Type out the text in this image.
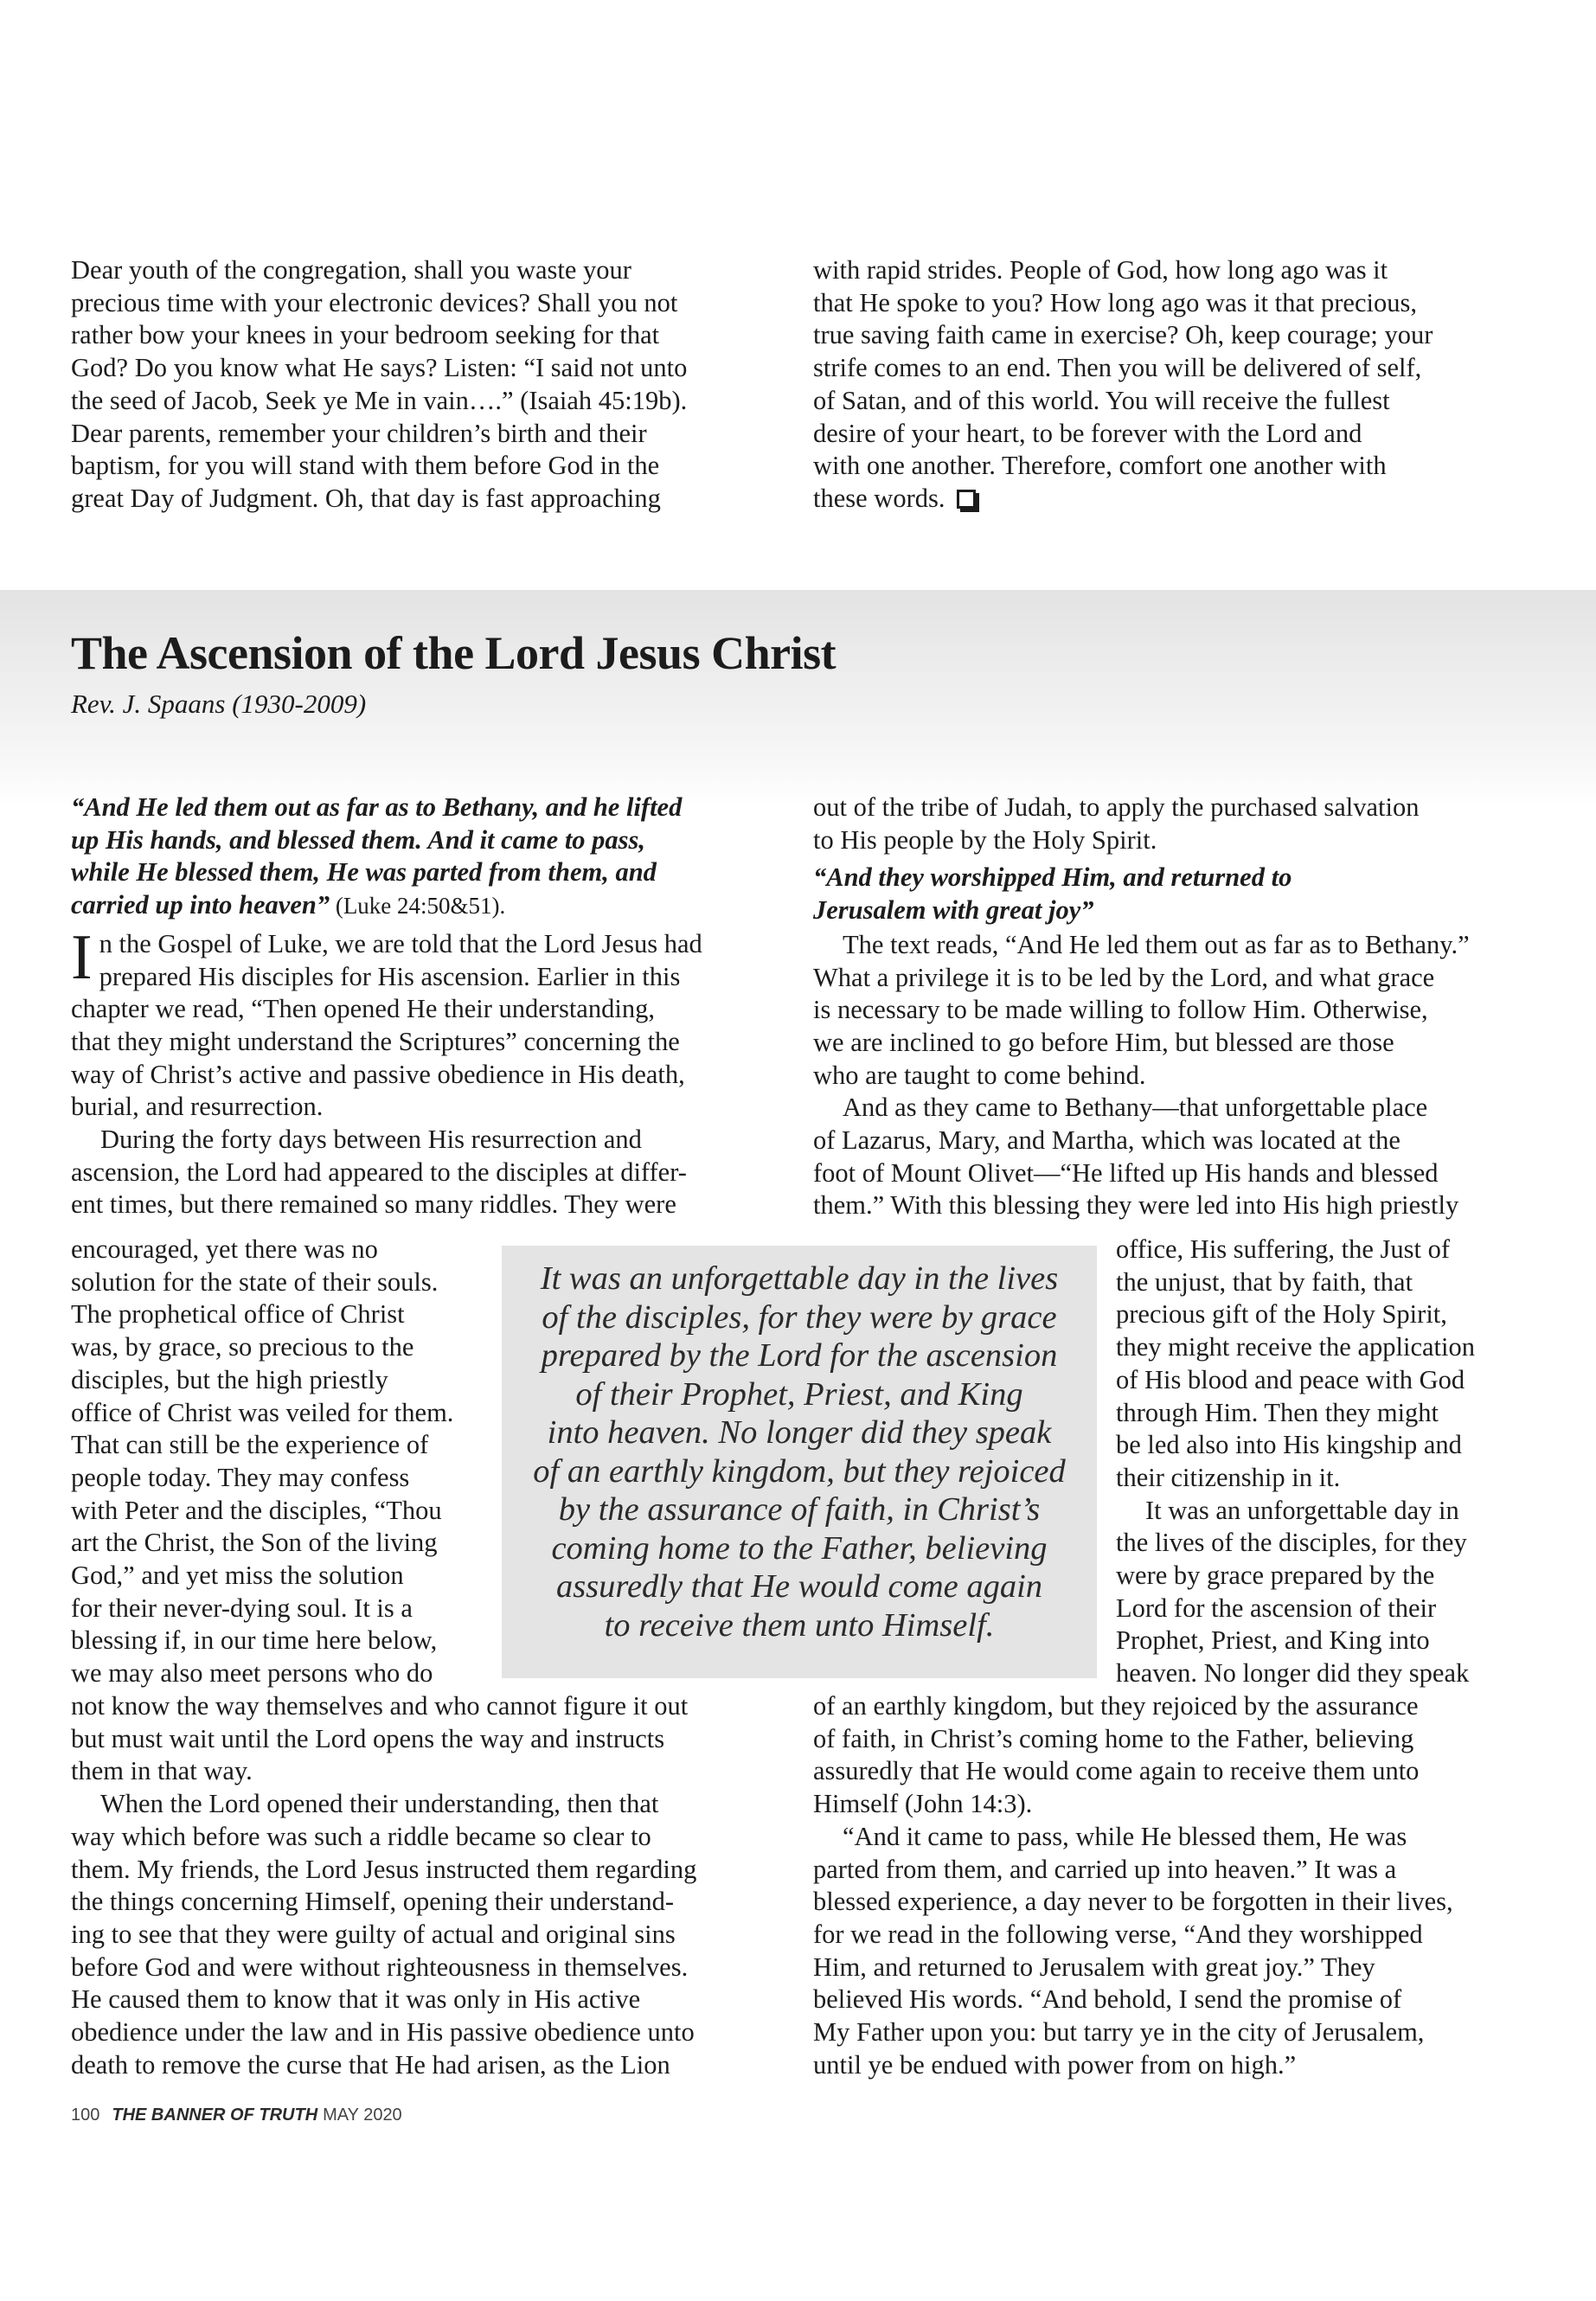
Dear youth of the congregation, shall you waste your
precious time with your electronic devices? Shall you not
rather bow your knees in your bedroom seeking for that
God? Do you know what He says? Listen: “I said not unto
the seed of Jacob, Seek ye Me in vain….” (Isaiah 45:19b).
Dear parents, remember your children’s birth and their
baptism, for you will stand with them before God in the
great Day of Judgment. Oh, that day is fast approaching
with rapid strides. People of God, how long ago was it
that He spoke to you? How long ago was it that precious,
true saving faith came in exercise? Oh, keep courage; your
strife comes to an end. Then you will be delivered of self,
of Satan, and of this world. You will receive the fullest
desire of your heart, to be forever with the Lord and
with one another. Therefore, comfort one another with
these words.
The Ascension of the Lord Jesus Christ
Rev. J. Spaans (1930-2009)
“And He led them out as far as to Bethany, and he lifted
up His hands, and blessed them. And it came to pass,
while He blessed them, He was parted from them, and
carried up into heaven” (Luke 24:50&51).
I n the Gospel of Luke, we are told that the Lord Jesus had
prepared His disciples for His ascension. Earlier in this
chapter we read, “Then opened He their understanding,
that they might understand the Scriptures” concerning the
way of Christ’s active and passive obedience in His death,
burial, and resurrection.
During the forty days between His resurrection and
ascension, the Lord had appeared to the disciples at differ-
ent times, but there remained so many riddles. They were
encouraged, yet there was no
solution for the state of their souls.
The prophetical office of Christ
was, by grace, so precious to the
disciples, but the high priestly
office of Christ was veiled for them.
That can still be the experience of
people today. They may confess
with Peter and the disciples, “Thou
art the Christ, the Son of the living
God,” and yet miss the solution
for their never-dying soul. It is a
blessing if, in our time here below,
we may also meet persons who do
not know the way themselves and who cannot figure it out
but must wait until the Lord opens the way and instructs
them in that way.
When the Lord opened their understanding, then that
way which before was such a riddle became so clear to
them. My friends, the Lord Jesus instructed them regarding
the things concerning Himself, opening their understand-
ing to see that they were guilty of actual and original sins
before God and were without righteousness in themselves.
He caused them to know that it was only in His active
obedience under the law and in His passive obedience unto
death to remove the curse that He had arisen, as the Lion
out of the tribe of Judah, to apply the purchased salvation
to His people by the Holy Spirit.
“And they worshipped Him, and returned to
Jerusalem with great joy”
The text reads, “And He led them out as far as to Bethany.”
What a privilege it is to be led by the Lord, and what grace
is necessary to be made willing to follow Him. Otherwise,
we are inclined to go before Him, but blessed are those
who are taught to come behind.
And as they came to Bethany—that unforgettable place
of Lazarus, Mary, and Martha, which was located at the
foot of Mount Olivet—“He lifted up His hands and blessed
them.” With this blessing they were led into His high priestly
office, His suffering, the Just of
the unjust, that by faith, that
precious gift of the Holy Spirit,
they might receive the application
of His blood and peace with God
through Him. Then they might
be led also into His kingship and
their citizenship in it.
It was an unforgettable day in
the lives of the disciples, for they
were by grace prepared by the
Lord for the ascension of their
Prophet, Priest, and King into
heaven. No longer did they speak
of an earthly kingdom, but they rejoiced by the assurance
of faith, in Christ’s coming home to the Father, believing
assuredly that He would come again to receive them unto
Himself (John 14:3).
“And it came to pass, while He blessed them, He was
parted from them, and carried up into heaven.” It was a
blessed experience, a day never to be forgotten in their lives,
for we read in the following verse, “And they worshipped
Him, and returned to Jerusalem with great joy.” They
believed His words. “And behold, I send the promise of
My Father upon you: but tarry ye in the city of Jerusalem,
until ye be endued with power from on high.”
It was an unforgettable day in the lives
of the disciples, for they were by grace
prepared by the Lord for the ascension
of their Prophet, Priest, and King
into heaven. No longer did they speak
of an earthly kingdom, but they rejoiced
by the assurance of faith, in Christ’s
coming home to the Father, believing
assuredly that He would come again
to receive them unto Himself.
100 THE BANNER OF TRUTH MAY 2020
